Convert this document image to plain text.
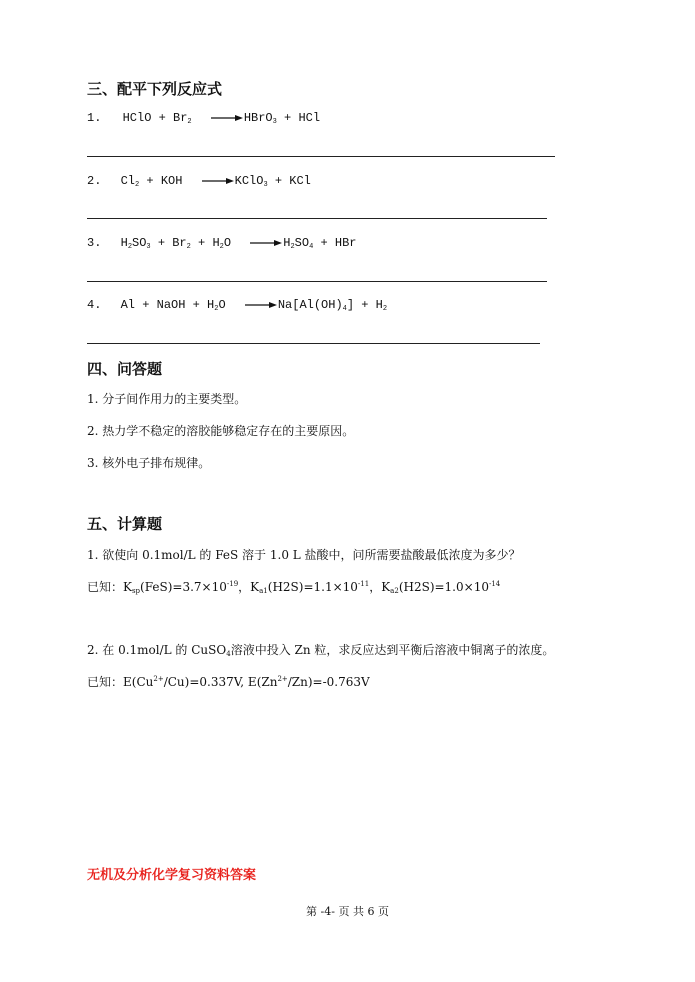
三、配平下列反应式
1. HClO + $Br_2$	HBrO$_3$ + HCl
2. $Cl_2$ + KOH	KClO$_3$ + KCl
3. $H_2SO_3 + Br_2 + H_2O$	$H_2SO_4$ + HBr
4. Al + NaOH + $H_2O$	$Na[Al(OH)_4] + H_2$
四、问答题
1. 分子间作用力的主要类型。
2. 热力学不稳定的溶胶能够稳定存在的主要原因。
3. 核外电子排布规律。
五、计算题
1. 欲使向 0.1mol/L 的 FeS 溶于 1.0 L 盐酸中，问所需要盐酸最低浓度为多少？
已知：$K_{sp}(FeS)=3.7\times 10^{-19}$，$K_{a1}(H2S)=1.1\times 10^{-11}$，$K_{a2}(H2S)=1.0\times 10^{-14}$
2. 在 0.1mol/L 的 CuSO$_4$溶液中投入 Zn 粒，求反应达到平衡后溶液中铜离子的浓度。
已知：$E(Cu^{2+}/Cu)=0.337V$, $E(Zn^{2+}/Zn)=-0.763V$
无机及分析化学复习资料答案
第 -4- 页 共 6 页
